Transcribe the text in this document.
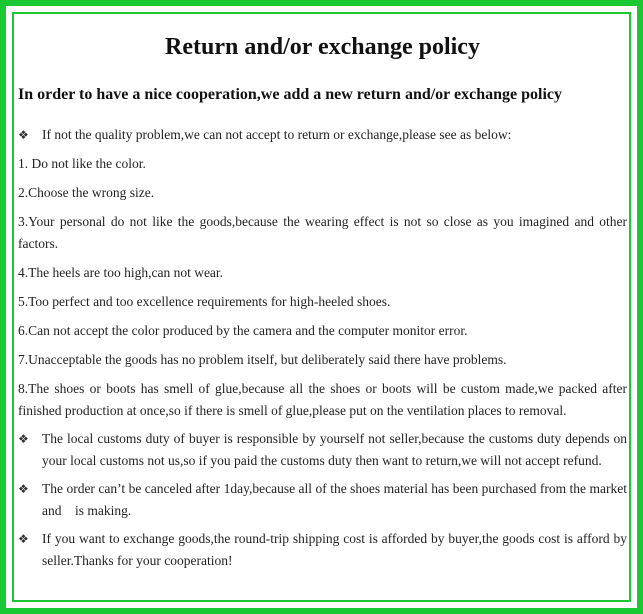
Return and/or exchange policy
In order to have a nice cooperation,we add a new return and/or exchange policy
❖ If not the quality problem,we can not accept to return or exchange,please see as below:
1. Do not like the color.
2.Choose the wrong size.
3.Your personal do not like the goods,because the wearing effect is not so close as you imagined and other factors.
4.The heels are too high,can not wear.
5.Too perfect and too excellence requirements for high-heeled shoes.
6.Can not accept the color produced by the camera and the computer monitor error.
7.Unacceptable the goods has no problem itself, but deliberately said there have problems.
8.The shoes or boots has smell of glue,because all the shoes or boots will be custom made,we packed after finished production at once,so if there is smell of glue,please put on the ventilation places to removal.
❖ The local customs duty of buyer is responsible by yourself not seller,because the customs duty depends on your local customs not us,so if you paid the customs duty then want to return,we will not accept refund.
❖ The order can’t be canceled after 1day,because all of the shoes material has been purchased from the market and    is making.
❖ If you want to exchange goods,the round-trip shipping cost is afforded by buyer,the goods cost is afford by seller.Thanks for your cooperation!
